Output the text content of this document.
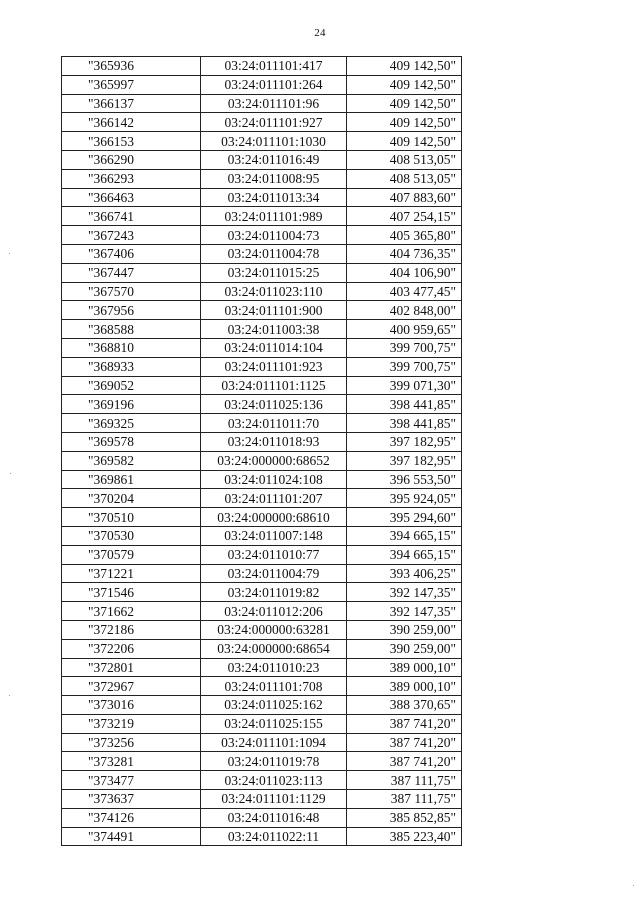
24
"365936	03:24:011101:417	409 142,50"
"365997	03:24:011101:264	409 142,50"
"366137	03:24:011101:96	409 142,50"
"366142	03:24:011101:927	409 142,50"
"366153	03:24:011101:1030	409 142,50"
"366290	03:24:011016:49	408 513,05"
"366293	03:24:011008:95	408 513,05"
"366463	03:24:011013:34	407 883,60"
"366741	03:24:011101:989	407 254,15"
"367243	03:24:011004:73	405 365,80"
"367406	03:24:011004:78	404 736,35"
"367447	03:24:011015:25	404 106,90"
"367570	03:24:011023:110	403 477,45"
"367956	03:24:011101:900	402 848,00"
"368588	03:24:011003:38	400 959,65"
"368810	03:24:011014:104	399 700,75"
"368933	03:24:011101:923	399 700,75"
"369052	03:24:011101:1125	399 071,30"
"369196	03:24:011025:136	398 441,85"
"369325	03:24:011011:70	398 441,85"
"369578	03:24:011018:93	397 182,95"
"369582	03:24:000000:68652	397 182,95"
"369861	03:24:011024:108	396 553,50"
"370204	03:24:011101:207	395 924,05"
"370510	03:24:000000:68610	395 294,60"
"370530	03:24:011007:148	394 665,15"
"370579	03:24:011010:77	394 665,15"
"371221	03:24:011004:79	393 406,25"
"371546	03:24:011019:82	392 147,35"
"371662	03:24:011012:206	392 147,35"
"372186	03:24:000000:63281	390 259,00"
"372206	03:24:000000:68654	390 259,00"
"372801	03:24:011010:23	389 000,10"
"372967	03:24:011101:708	389 000,10"
"373016	03:24:011025:162	388 370,65"
"373219	03:24:011025:155	387 741,20"
"373256	03:24:011101:1094	387 741,20"
"373281	03:24:011019:78	387 741,20"
"373477	03:24:011023:113	387 111,75"
"373637	03:24:011101:1129	387 111,75"
"374126	03:24:011016:48	385 852,85"
"374491	03:24:011022:11	385 223,40"
